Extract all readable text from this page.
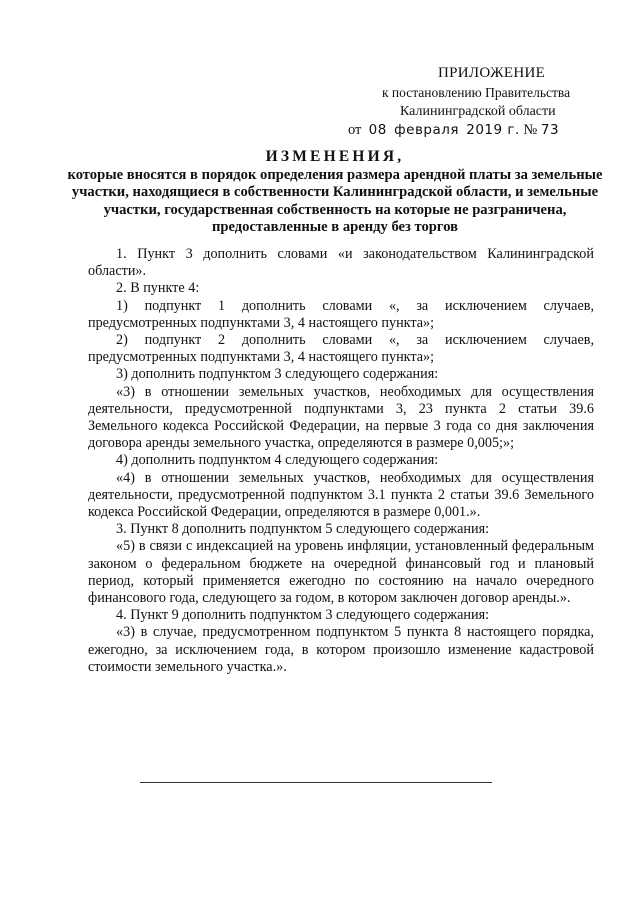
ПРИЛОЖЕНИЕ
к постановлению Правительства
Калининградской области
от 08 февраля 2019 г. № 73
ИЗМЕНЕНИЯ,
которые вносятся в порядок определения размера арендной платы за земельные участки, находящиеся в собственности Калининградской области, и земельные участки, государственная собственность на которые не разграничена, предоставленные в аренду без торгов

1. Пункт 3 дополнить словами «и законодательством Калининградской области».

2. В пункте 4:

1) подпункт 1 дополнить словами «, за исключением случаев, предусмотренных подпунктами 3, 4 настоящего пункта»;

2) подпункт 2 дополнить словами «, за исключением случаев, предусмотренных подпунктами 3, 4 настоящего пункта»;

3) дополнить подпунктом 3 следующего содержания:

«3) в отношении земельных участков, необходимых для осуществления деятельности, предусмотренной подпунктами 3, 23 пункта 2 статьи 39.6 Земельного кодекса Российской Федерации, на первые 3 года со дня заключения договора аренды земельного участка, определяются в размере 0,005;»;

4) дополнить подпунктом 4 следующего содержания:

«4) в отношении земельных участков, необходимых для осуществления деятельности, предусмотренной подпунктом 3.1 пункта 2 статьи 39.6 Земельного кодекса Российской Федерации, определяются в размере 0,001.».

3. Пункт 8 дополнить подпунктом 5 следующего содержания:

«5) в связи с индексацией на уровень инфляции, установленный федеральным законом о федеральном бюджете на очередной финансовый год и плановый период, который применяется ежегодно по состоянию на начало очередного финансового года, следующего за годом, в котором заключен договор аренды.».

4. Пункт 9 дополнить подпунктом 3 следующего содержания:

«3) в случае, предусмотренном подпунктом 5 пункта 8 настоящего порядка, ежегодно, за исключением года, в котором произошло изменение кадастровой стоимости земельного участка.».
